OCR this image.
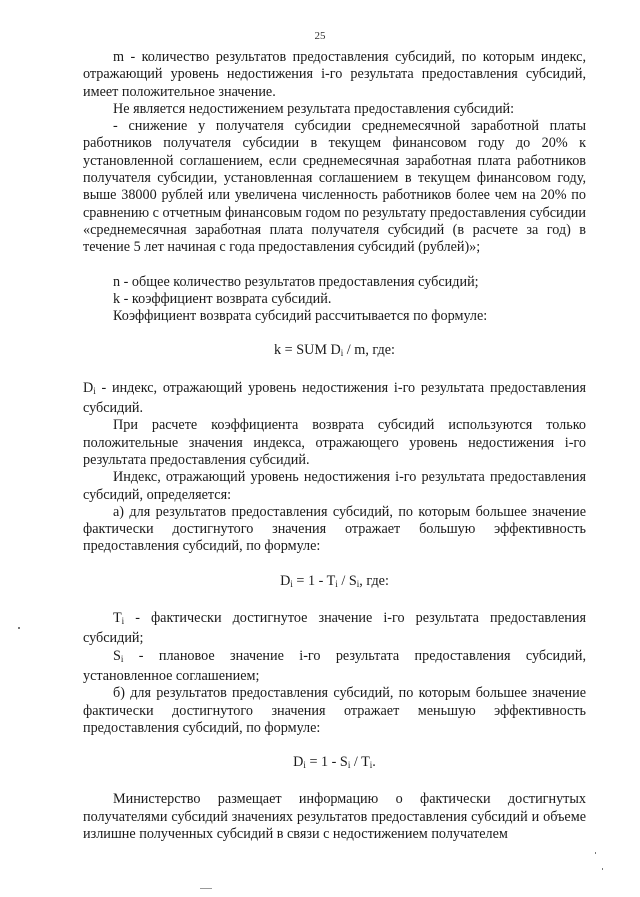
25

m - количество результатов предоставления субсидий, по которым индекс, отражающий уровень недостижения i-го результата предоставления субсидий, имеет положительное значение.

Не является недостижением результата предоставления субсидий:

- снижение у получателя субсидии среднемесячной заработной платы работников получателя субсидии в текущем финансовом году до 20% к установленной соглашением, если среднемесячная заработная плата работников получателя субсидии, установленная соглашением в текущем финансовом году, выше 38000 рублей или увеличена численность работников более чем на 20% по сравнению с отчетным финансовым годом по результату предоставления субсидии «среднемесячная заработная плата получателя субсидий (в расчете за год) в течение 5 лет начиная с года предоставления субсидий (рублей)»;

n - общее количество результатов предоставления субсидий;

k - коэффициент возврата субсидий.

Коэффициент возврата субсидий рассчитывается по формуле:

k = SUM $D_i$ / m, где:

$D_i$ - индекс, отражающий уровень недостижения i-го результата предоставления субсидий.

При расчете коэффициента возврата субсидий используются только положительные значения индекса, отражающего уровень недостижения i-го результата предоставления субсидий.

Индекс, отражающий уровень недостижения i-го результата предоставления субсидий, определяется:

а) для результатов предоставления субсидий, по которым большее значение фактически достигнутого значения отражает большую эффективность предоставления субсидий, по формуле:

$D_i = 1 - T_i / S_i$, где:

$T_i$ - фактически достигнутое значение i-го результата предоставления субсидий;

$S_i$ - плановое значение i-го результата предоставления субсидий, установленное соглашением;

б) для результатов предоставления субсидий, по которым большее значение фактически достигнутого значения отражает меньшую эффективность предоставления субсидий, по формуле:

$D_i = 1 - S_i / T_i$.

Министерство размещает информацию о фактически достигнутых получателями субсидий значениях результатов предоставления субсидий и объеме излишне полученных субсидий в связи с недостижением получателем
